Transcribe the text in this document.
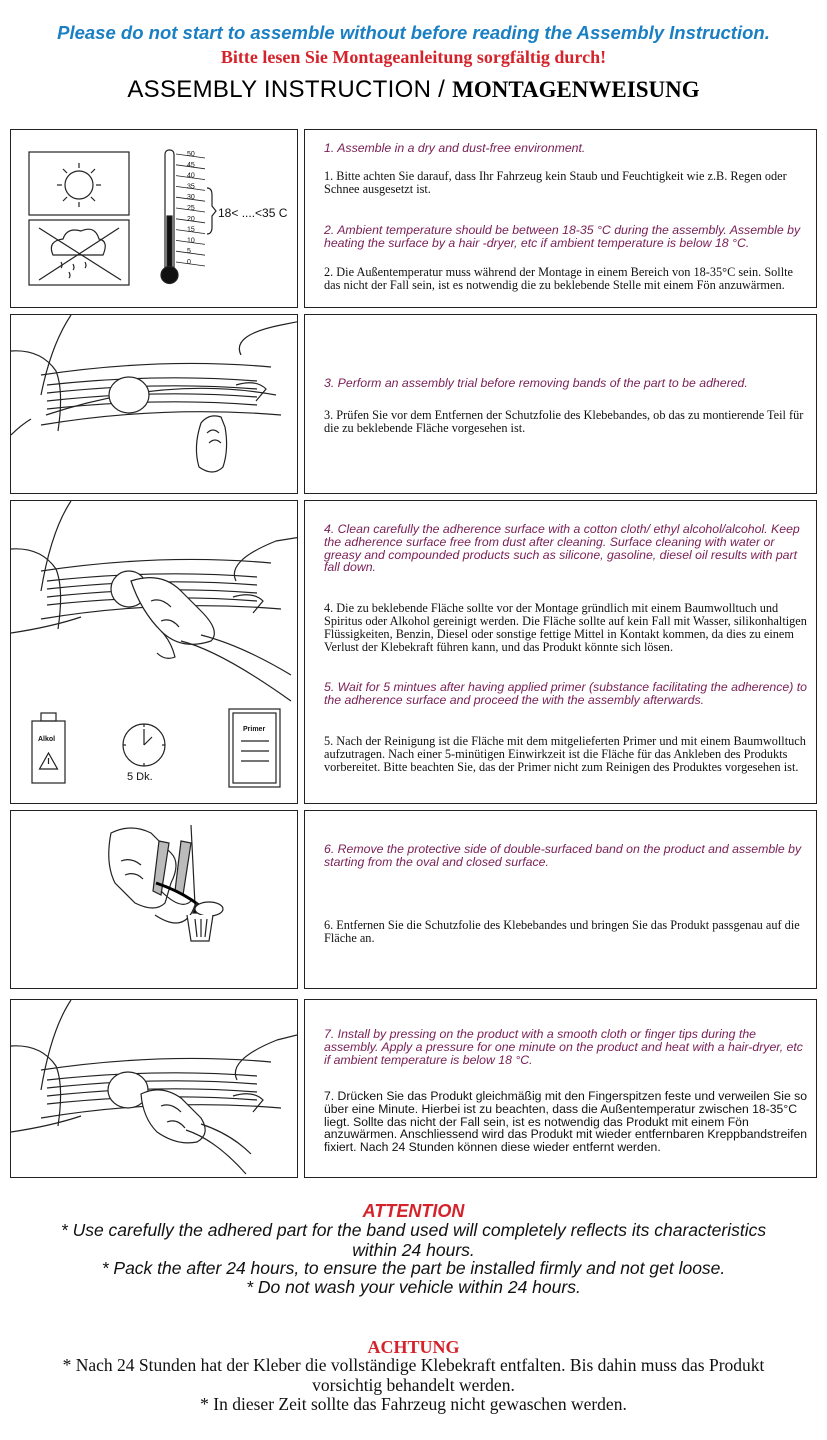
Please do not start to assemble without before reading the Assembly Instruction.
Bitte lesen Sie Montageanleitung sorgfältig durch!
ASSEMBLY INSTRUCTION / MONTAGENWEISUNG
50
45
40
35
30
25
20
15
10
5
0
18< ....<35 C
1. Assemble in a dry and dust-free environment.
1. Bitte achten Sie darauf, dass Ihr Fahrzeug kein Staub und Feuchtigkeit wie z.B. Regen oder Schnee ausgesetzt ist.
2. Ambient temperature should be between 18-35 °C during the assembly. Assemble by heating the surface by a hair -dryer, etc if ambient temperature is below 18 °C.
2. Die Außentemperatur muss während der Montage in einem Bereich von 18-35°C sein. Sollte das nicht der Fall sein, ist es notwendig die zu beklebende Stelle mit einem Fön anzuwärmen.
3. Perform an assembly trial before removing bands of the part to be adhered.
3. Prüfen Sie vor dem Entfernen der Schutzfolie des Klebebandes, ob das zu montierende Teil für die zu beklebende Fläche vorgesehen ist.
Alkol
5 Dk.
Primer
4. Clean carefully the adherence surface with a cotton cloth/ ethyl alcohol/alcohol. Keep the adherence surface free from dust after cleaning. Surface cleaning with water or greasy and compounded products such as silicone, gasoline, diesel oil results with part fall down.
4. Die zu beklebende Fläche sollte vor der Montage gründlich mit einem Baumwolltuch und Spiritus oder Alkohol gereinigt werden. Die Fläche sollte auf kein Fall mit Wasser, silikonhaltigen Flüssigkeiten, Benzin, Diesel oder sonstige fettige Mittel in Kontakt kommen, da dies zu einem Verlust der Klebekraft führen kann, und das Produkt könnte sich lösen.
5. Wait for 5 mintues after having applied primer (substance facilitating the adherence) to the adherence surface and proceed the with the assembly afterwards.
5. Nach der Reinigung ist die Fläche mit dem mitgelieferten Primer und mit einem Baumwolltuch aufzutragen. Nach einer 5-minütigen Einwirkzeit ist die Fläche für das Ankleben des Produkts vorbereitet. Bitte beachten Sie, das der Primer nicht zum Reinigen des Produktes vorgesehen ist.
6. Remove the protective side of double-surfaced band on the product and assemble by starting from the oval and closed surface.
6. Entfernen Sie die Schutzfolie des Klebebandes und bringen Sie das Produkt passgenau auf die Fläche an.
7. Install by pressing on the product with a smooth cloth or finger tips during the assembly. Apply a pressure for one minute on the product and heat with a hair-dryer, etc if ambient temperature is below 18 °C.
7. Drücken Sie das Produkt gleichmäßig mit den Fingerspitzen feste und verweilen Sie so über eine Minute. Hierbei ist zu beachten, dass die Außentemperatur zwischen 18-35°C liegt. Sollte das nicht der Fall sein, ist es notwendig das Produkt mit einem Fön anzuwärmen. Anschliessend wird das Produkt mit wieder entfernbaren Kreppbandstreifen fixiert. Nach 24 Stunden können diese wieder entfernt werden.
ATTENTION
* Use carefully the adhered part for the band used will completely reflects its characteristics within 24 hours.
* Pack the after 24 hours, to ensure the part be installed firmly and not get loose.
* Do not wash your vehicle within 24 hours.
ACHTUNG
* Nach 24 Stunden hat der Kleber die vollständige Klebekraft entfalten. Bis dahin muss das Produkt vorsichtig behandelt werden.
* In dieser Zeit sollte das Fahrzeug nicht gewaschen werden.
